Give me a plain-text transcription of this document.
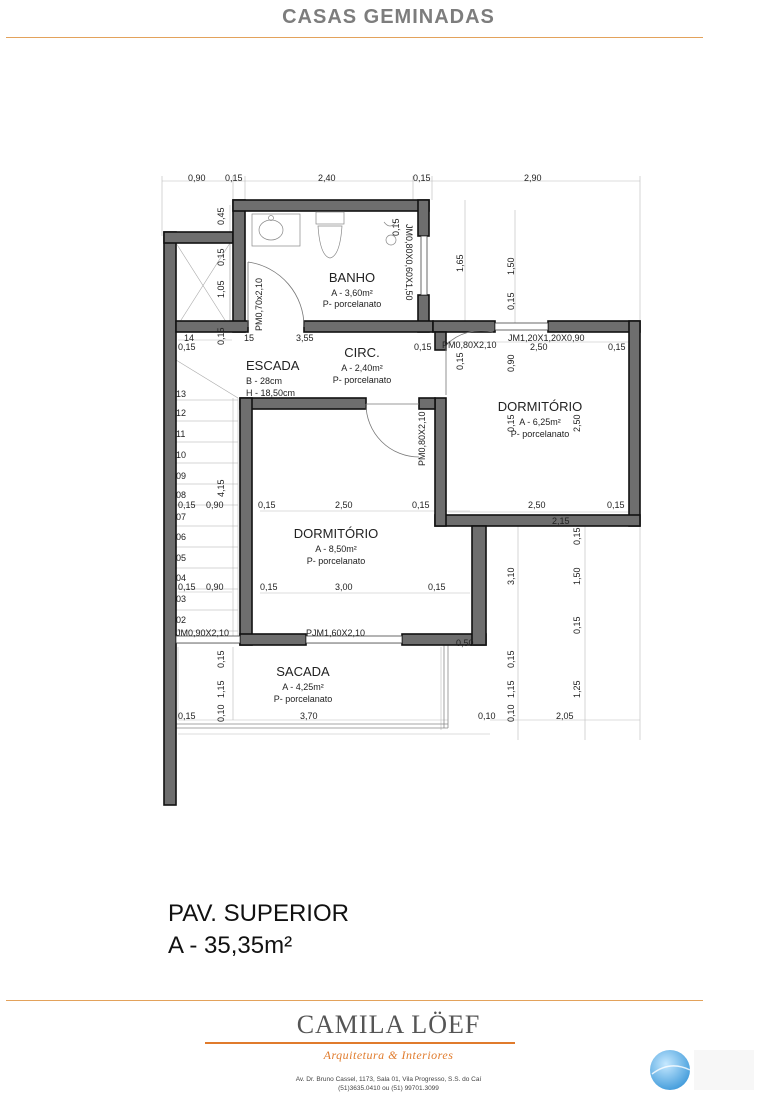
CASAS GEMINADAS
0,90 0,15	2,40	0,15	2,90
0,45
0,15
1,05
0,15
1,65	1,50
0,15
0,15
0,15	0,90
0,15	2,50
4,15
3,10
0,15
1,50
0,15
0,15
1,15
0,15
1,15
0,10
1,25
0,10
14
0,15
15	3,55
0,15	2,50	0,15
0,15 0,90	0,15	2,50	0,15	2,50	0,15
2,15
0,15 0,90	0,15	3,00	0,15
0,50
0,15	3,70	0,10	2,05
13
12
11
10
09
08
07
06
05
04
03
02
JM0,80X0,60X1,50
PM0,70x2,10
PM0,80X2,10
JM1,20X1,20X0,90
PM0,80X2,10
PJM1,60X2,10
JM0,90X2,10
BANHO
A - 3,60m²
P- porcelanato
CIRC.
A - 2,40m²
P- porcelanato
ESCADA
B - 28cm
H - 18,50cm
DORMITÓRIO
A - 6,25m²
P- porcelanato
DORMITÓRIO
A - 8,50m²
P- porcelanato
SACADA
A - 4,25m²
P- porcelanato
PAV. SUPERIOR
A - 35,35m²
CAMILA LÖEF
Arquitetura & Interiores
Av. Dr. Bruno Cassel, 1173, Sala 01, Vila Progresso, S.S. do Caí
(51)3635.0410 ou (51) 99701.3099
